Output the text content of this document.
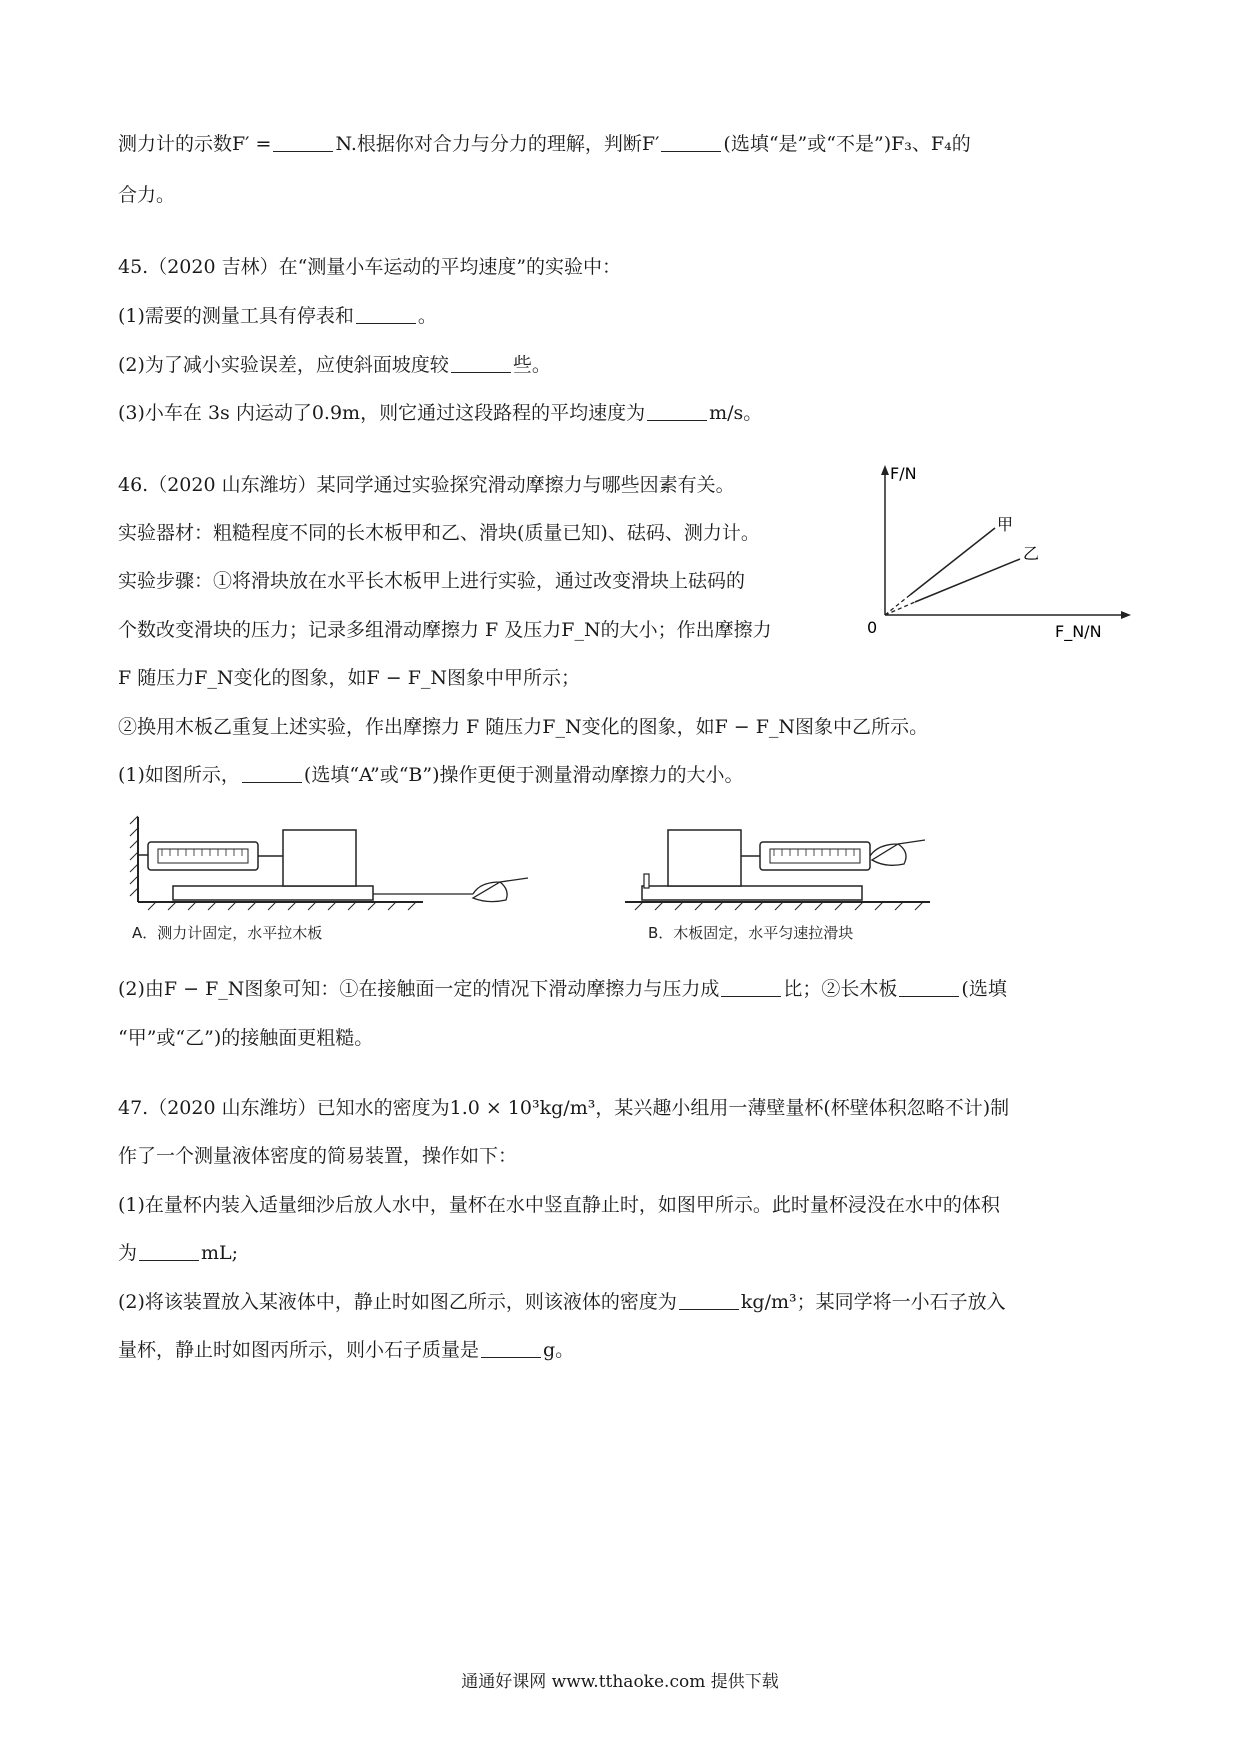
测力计的示数F′ =	N.根据你对合力与分力的理解，判断F′	(选填“是”或“不是”)F₃、F₄的
合力。
45.（2020 吉林）在“测量小车运动的平均速度”的实验中：
(1)需要的测量工具有停表和	。
(2)为了减小实验误差，应使斜面坡度较	些。
(3)小车在 3s 内运动了0.9m，则它通过这段路程的平均速度为	m/s。
46.（2020 山东潍坊）某同学通过实验探究滑动摩擦力与哪些因素有关。
实验器材：粗糙程度不同的长木板甲和乙、滑块(质量已知)、砝码、测力计。
实验步骤：①将滑块放在水平长木板甲上进行实验，通过改变滑块上砝码的
个数改变滑块的压力；记录多组滑动摩擦力 F 及压力F_N的大小；作出摩擦力
F 随压力F_N变化的图象，如F − F_N图象中甲所示；
②换用木板乙重复上述实验，作出摩擦力 F 随压力F_N变化的图象，如F − F_N图象中乙所示。
(1)如图所示，	(选填“A”或“B”)操作更便于测量滑动摩擦力的大小。
F/N
F_N/N
0
甲
乙
A．测力计固定，水平拉木板	B．木板固定，水平匀速拉滑块
(2)由F − F_N图象可知：①在接触面一定的情况下滑动摩擦力与压力成	比；②长木板	(选填
“甲”或“乙”)的接触面更粗糙。
47.（2020 山东潍坊）已知水的密度为1.0 × 10³kg/m³，某兴趣小组用一薄壁量杯(杯壁体积忽略不计)制
作了一个测量液体密度的简易装置，操作如下：
(1)在量杯内装入适量细沙后放人水中，量杯在水中竖直静止时，如图甲所示。此时量杯浸没在水中的体积
为	mL;
(2)将该装置放入某液体中，静止时如图乙所示，则该液体的密度为	kg/m³；某同学将一小石子放入
量杯，静止时如图丙所示，则小石子质量是	g。
通通好课网 www.tthaoke.com 提供下载
